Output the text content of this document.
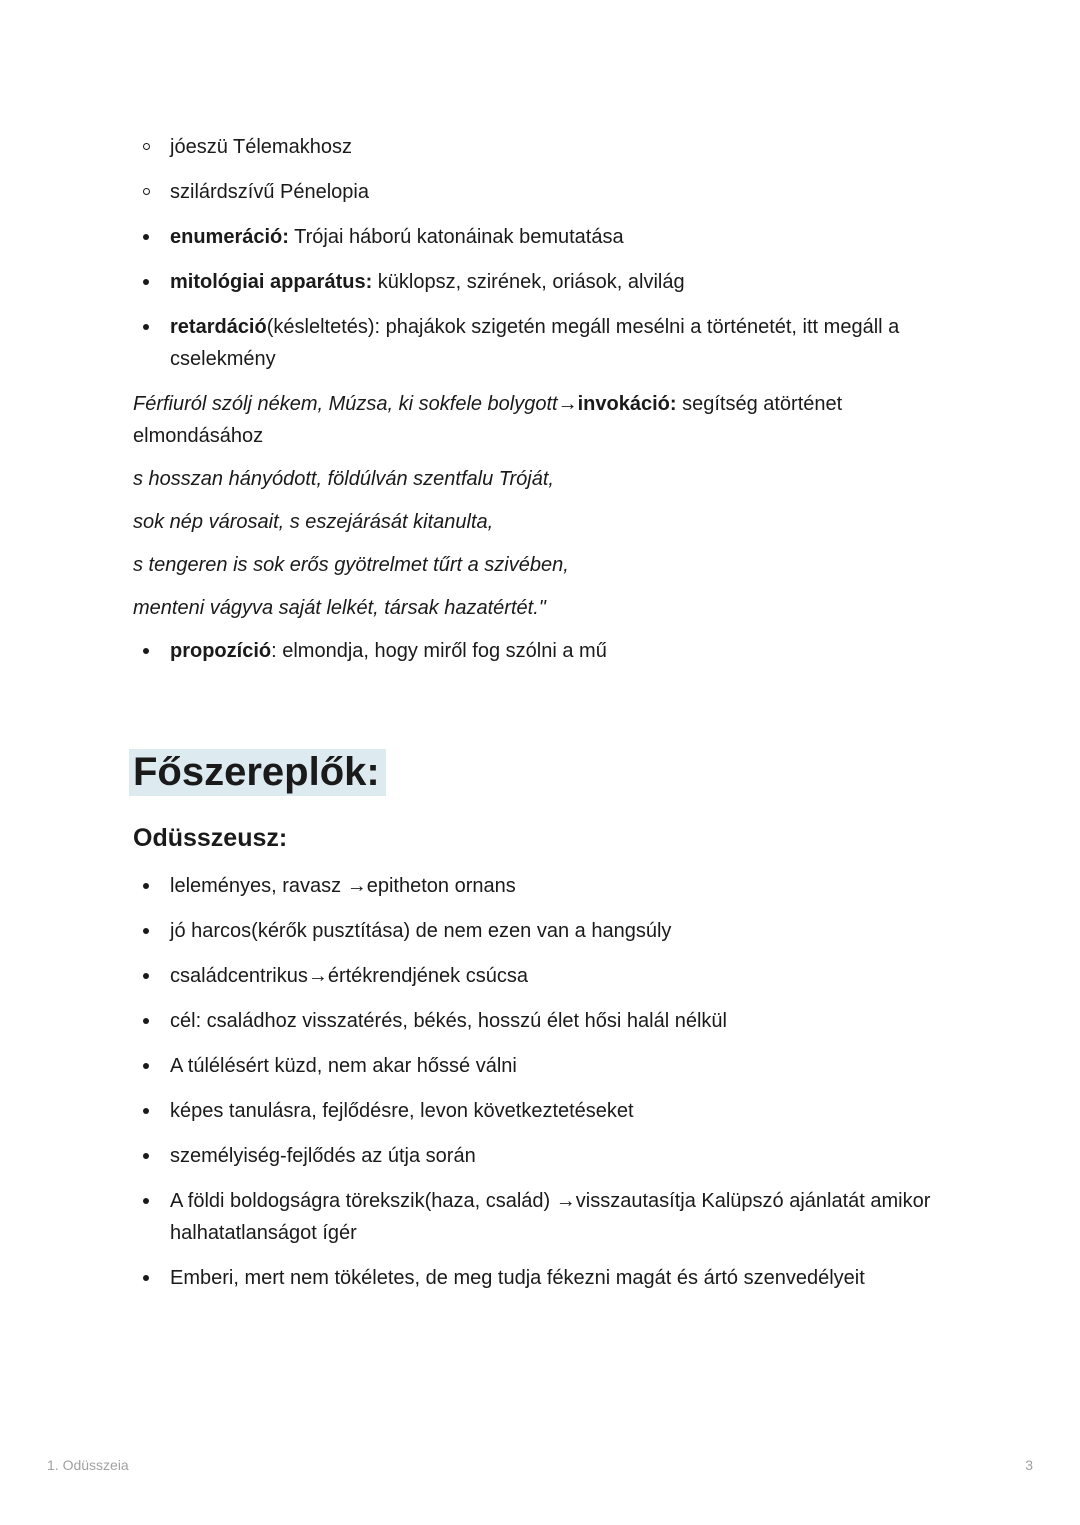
jóeszü Télemakhosz
szilárdszívű Pénelopia
enumeráció: Trójai háború katonáinak bemutatása
mitológiai apparátus: küklopsz, szirének, oriások, alvilág
retardáció(késleltetés): phajákok szigetén megáll mesélni a történetét, itt megáll a cselekmény

Férfiuról szólj nékem, Múzsa, ki sokfele bolygott→invokáció: segítség atörténet elmondásához

s hosszan hányódott, földúlván szentfalu Tróját,

sok nép városait, s eszejárását kitanulta,

s tengeren is sok erős gyötrelmet tűrt a szivében,

menteni vágyva saját lelkét, társak hazatértét."

propozíció: elmondja, hogy miről fog szólni a mű
Főszereplők:
Odüsszeusz:
leleményes, ravasz →epitheton ornans
jó harcos(kérők pusztítása) de nem ezen van a hangsúly
családcentrikus→értékrendjének csúcsa
cél: családhoz visszatérés, békés, hosszú élet hősi halál nélkül
A túlélésért küzd, nem akar hőssé válni
képes tanulásra, fejlődésre, levon következtetéseket
személyiség-fejlődés az útja során
A földi boldogságra törekszik(haza, család) →visszautasítja Kalüpszó ajánlatát amikor halhatatlanságot ígér
Emberi, mert nem tökéletes, de meg tudja fékezni magát és ártó szenvedélyeit
1. Odüsszeia	3
